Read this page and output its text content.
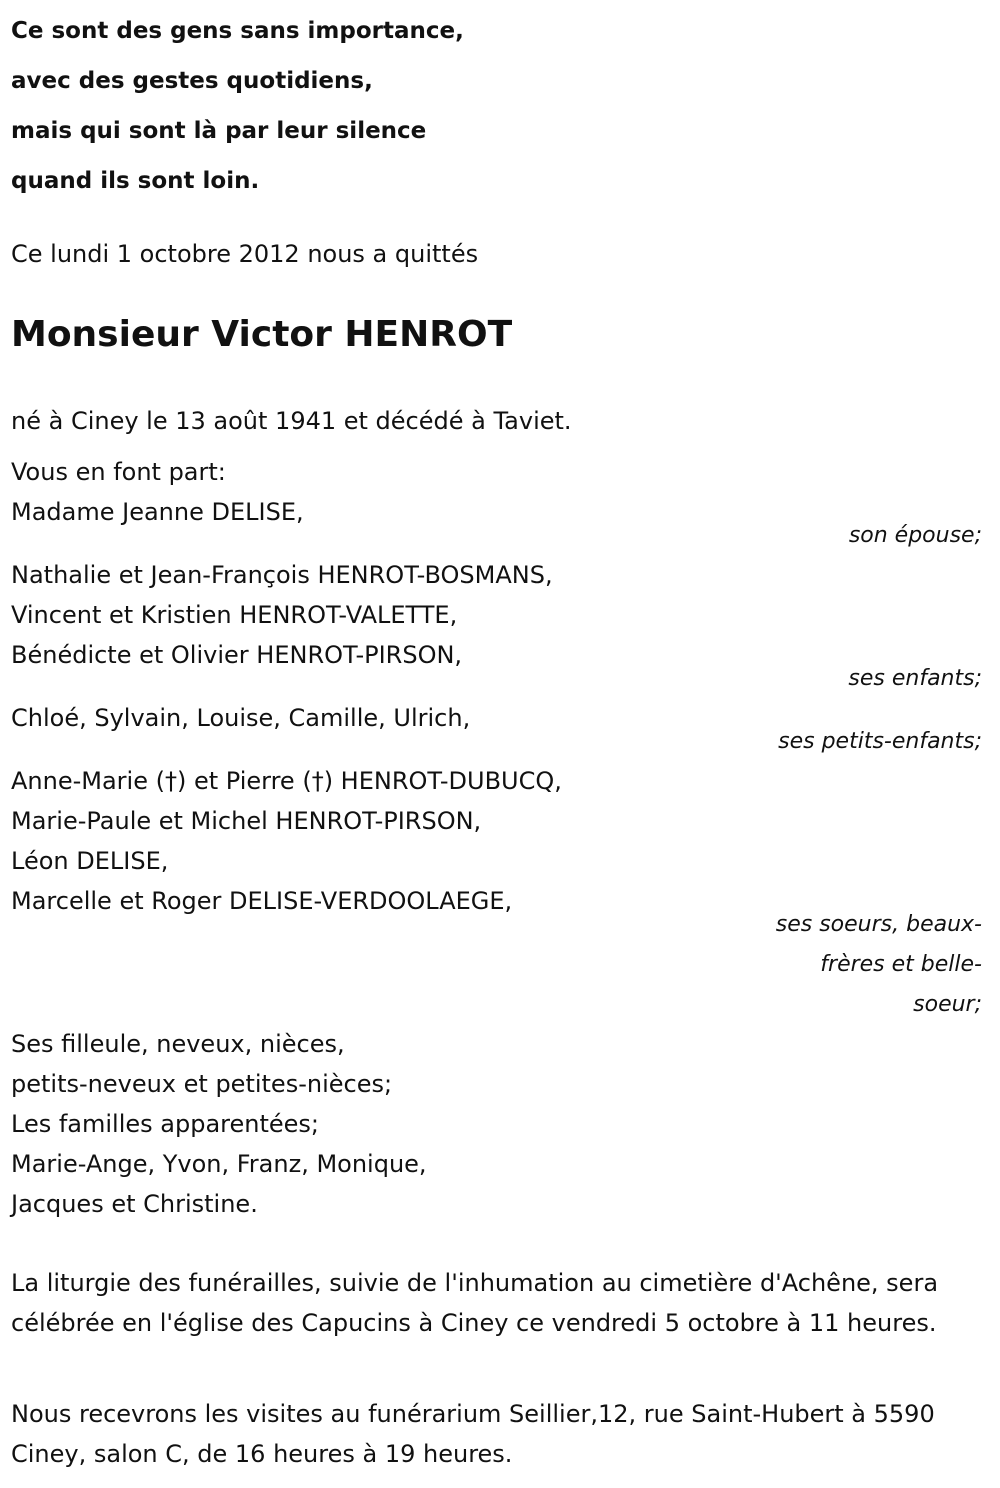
Ce sont des gens sans importance,
avec des gestes quotidiens,
mais qui sont là par leur silence
quand ils sont loin.
Ce lundi 1 octobre 2012 nous a quittés
Monsieur Victor HENROT
né à Ciney le 13 août 1941 et décédé à Taviet.
Vous en font part:
Madame Jeanne DELISE,
son épouse;
Nathalie et Jean-François HENROT-BOSMANS,
Vincent et Kristien HENROT-VALETTE,
Bénédicte et Olivier HENROT-PIRSON,
ses enfants;
Chloé, Sylvain, Louise, Camille, Ulrich,
ses petits-enfants;
Anne-Marie (†) et Pierre (†) HENROT-DUBUCQ,
Marie-Paule et Michel HENROT-PIRSON,
Léon DELISE,
Marcelle et Roger DELISE-VERDOOLAEGE,
ses soeurs, beaux-
frères et belle-
soeur;
Ses filleule, neveux, nièces,
petits-neveux et petites-nièces;
Les familles apparentées;
Marie-Ange, Yvon, Franz, Monique,
Jacques et Christine.
La liturgie des funérailles, suivie de l'inhumation au cimetière d'Achêne, sera célébrée en l'église des Capucins à Ciney ce vendredi 5 octobre à 11 heures.
Nous recevrons les visites au funérarium Seillier,12, rue Saint-Hubert à 5590 Ciney, salon C, de 16 heures à 19 heures.
